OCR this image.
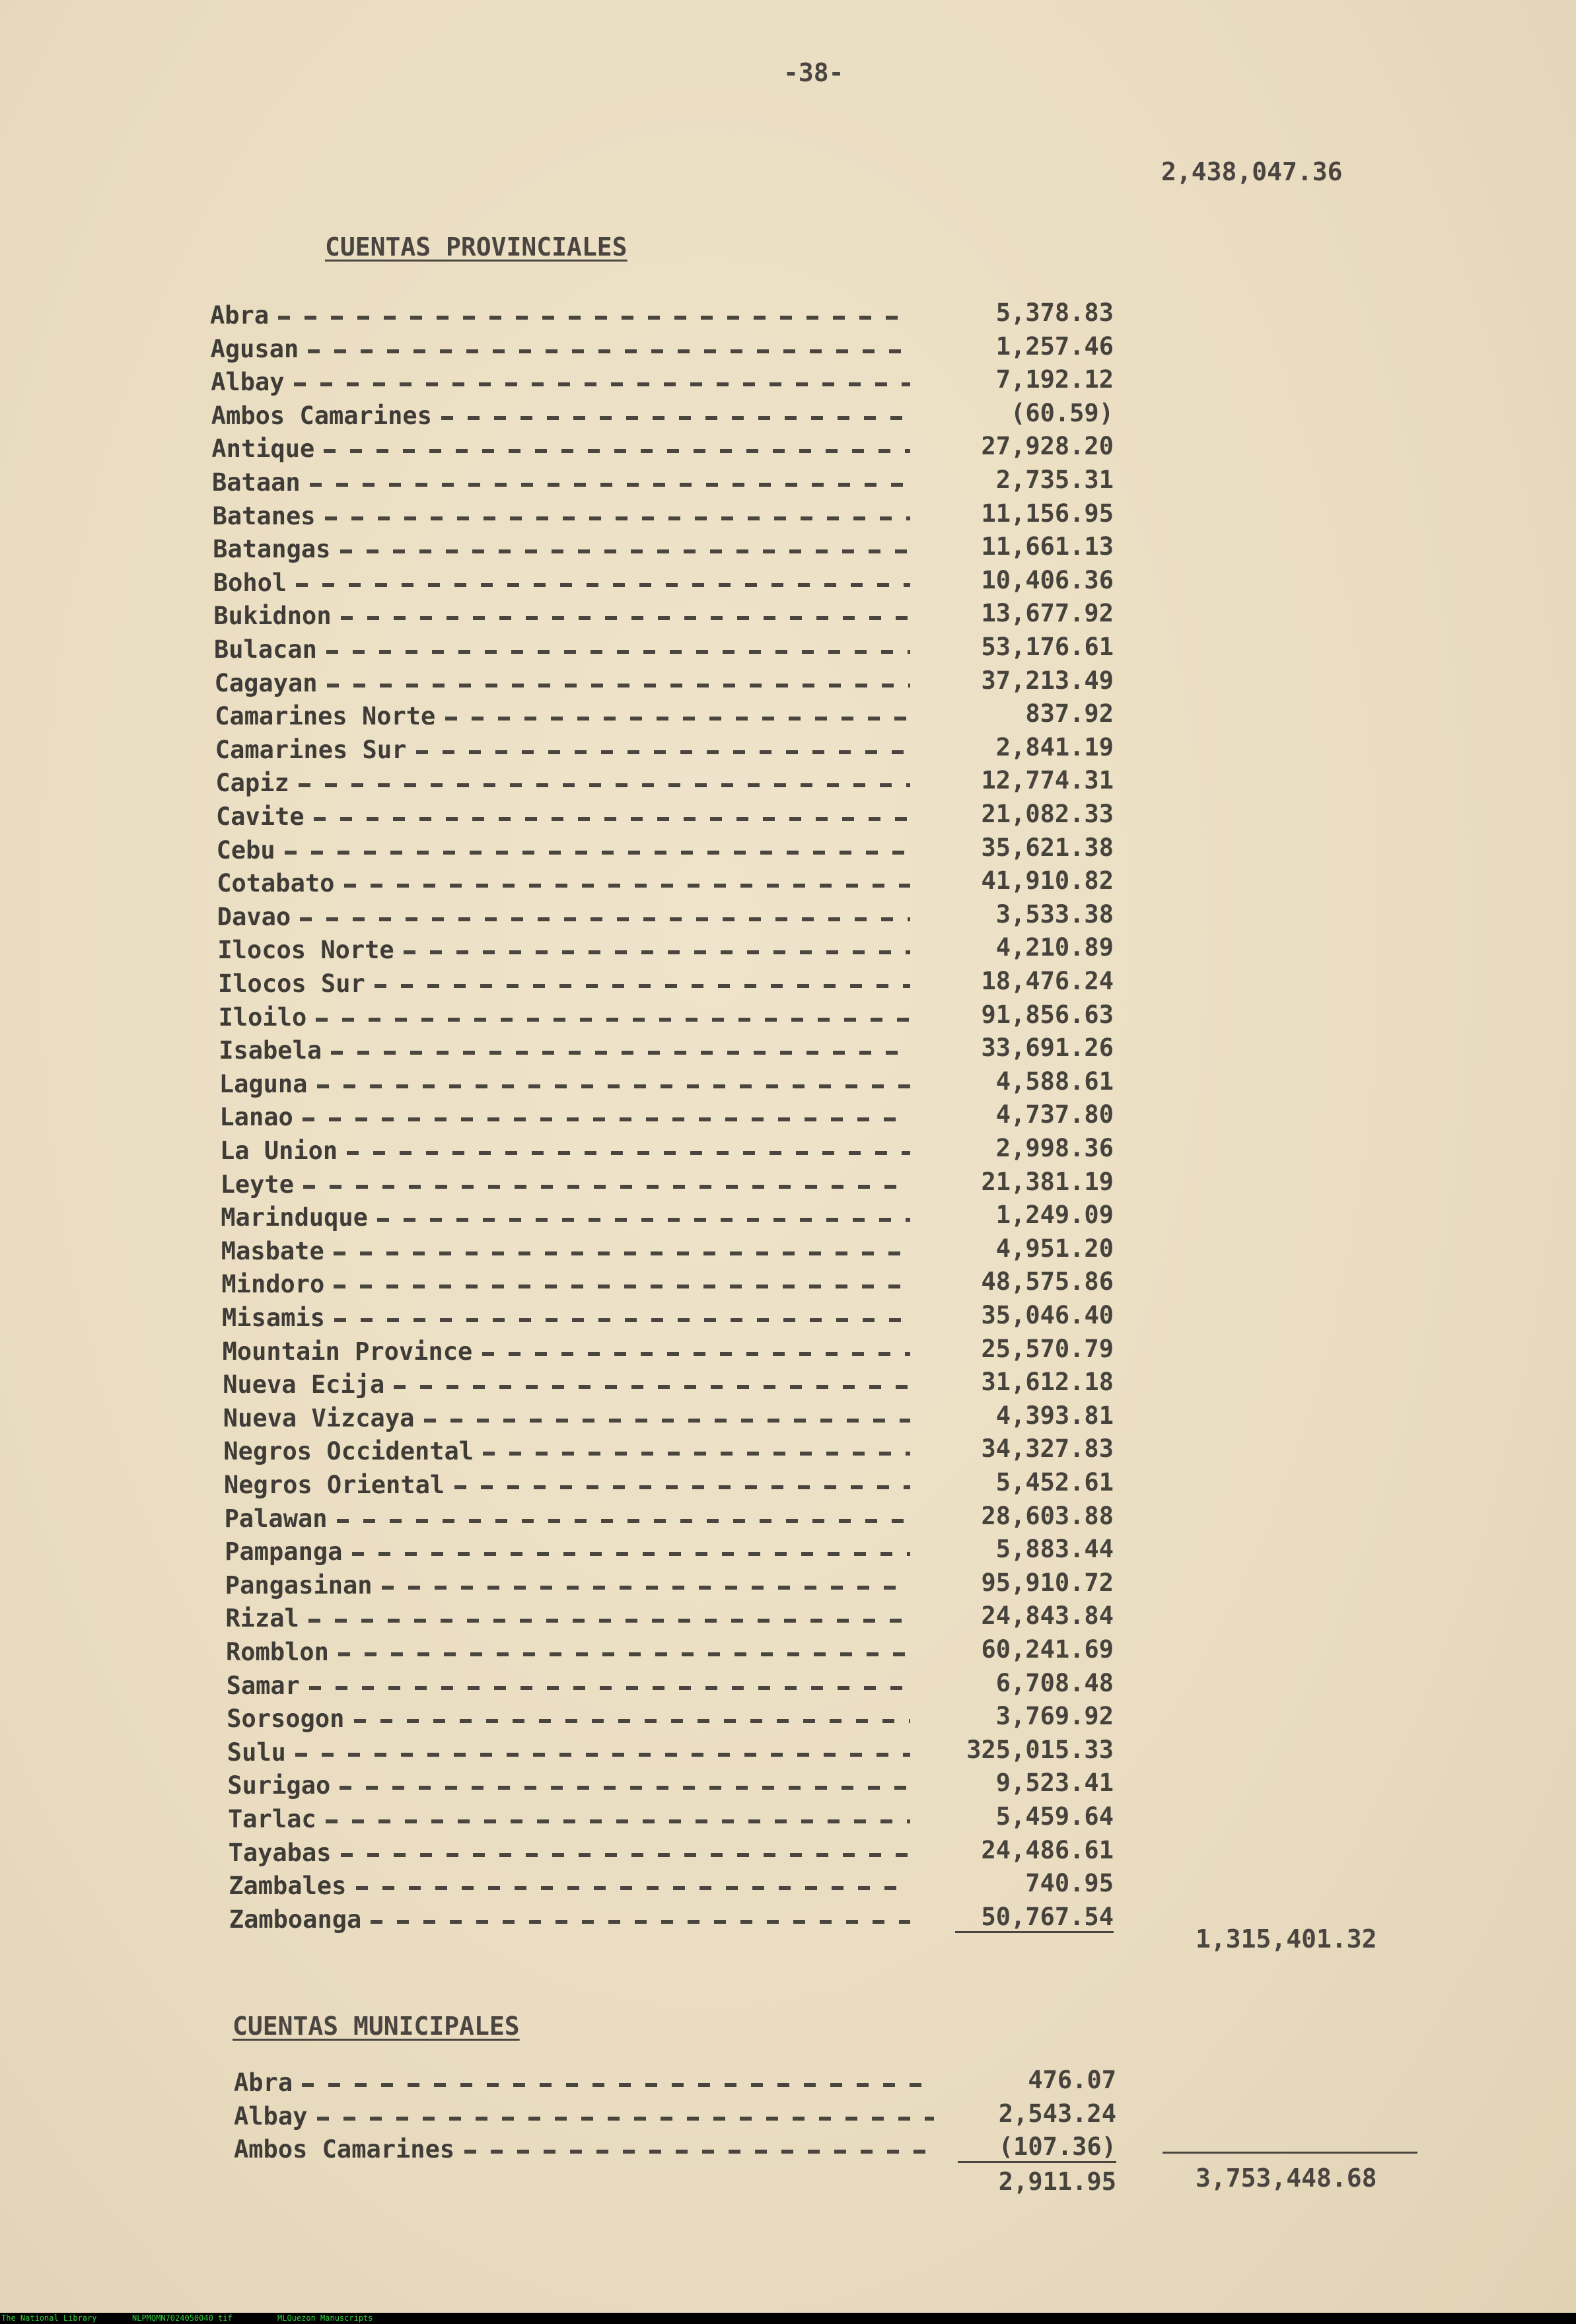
-38-
2,438,047.36
CUENTAS PROVINCIALES
Abra	5,378.83
Agusan	1,257.46
Albay	7,192.12
Ambos Camarines	(60.59)
Antique	27,928.20
Bataan	2,735.31
Batanes	11,156.95
Batangas	11,661.13
Bohol	10,406.36
Bukidnon	13,677.92
Bulacan	53,176.61
Cagayan	37,213.49
Camarines Norte	837.92
Camarines Sur	2,841.19
Capiz	12,774.31
Cavite	21,082.33
Cebu	35,621.38
Cotabato	41,910.82
Davao	3,533.38
Ilocos Norte	4,210.89
Ilocos Sur	18,476.24
Iloilo	91,856.63
Isabela	33,691.26
Laguna	4,588.61
Lanao	4,737.80
La Union	2,998.36
Leyte	21,381.19
Marinduque	1,249.09
Masbate	4,951.20
Mindoro	48,575.86
Misamis	35,046.40
Mountain Province	25,570.79
Nueva Ecija	31,612.18
Nueva Vizcaya	4,393.81
Negros Occidental	34,327.83
Negros Oriental	5,452.61
Palawan	28,603.88
Pampanga	5,883.44
Pangasinan	95,910.72
Rizal	24,843.84
Romblon	60,241.69
Samar	6,708.48
Sorsogon	3,769.92
Sulu	325,015.33
Surigao	9,523.41
Tarlac	5,459.64
Tayabas	24,486.61
Zambales	740.95
Zamboanga	50,767.54
1,315,401.32
CUENTAS MUNICIPALES
Abra	476.07
Albay	2,543.24
Ambos Camarines	(107.36)
2,911.95	3,753,448.68
The National Library	NLPMQMN7024050040 tif	MLQuezon Manuscripts
